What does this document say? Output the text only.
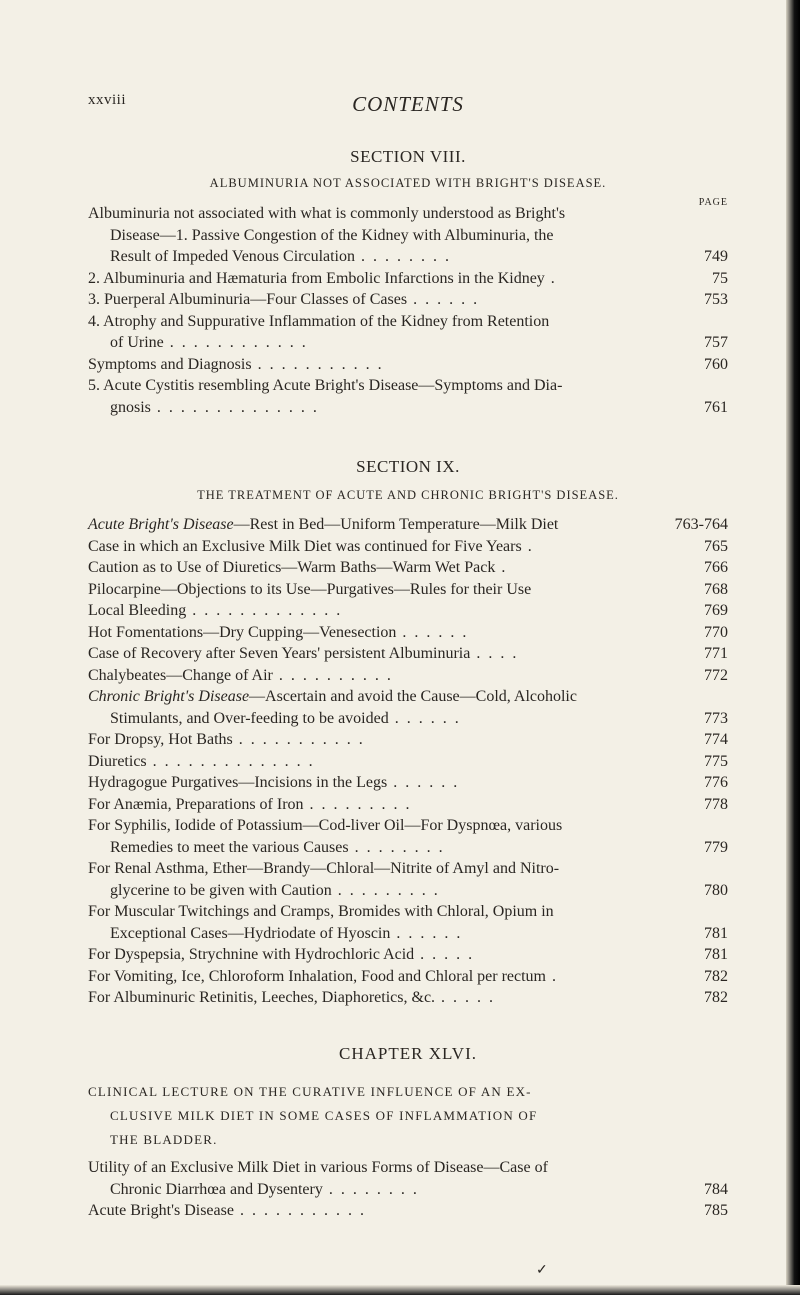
xxviii	CONTENTS
SECTION VIII.
ALBUMINURIA NOT ASSOCIATED WITH BRIGHT'S DISEASE.
PAGE

Albuminuria not associated with what is commonly understood as Bright's
Disease—1. Passive Congestion of the Kidney with Albuminuria, the
Result of Impeded Venous Circulation . . . . . . . .	749

2. Albuminuria and Hæmaturia from Embolic Infarctions in the Kidney .	75

3. Puerperal Albuminuria—Four Classes of Cases . . . . . .	753

4. Atrophy and Suppurative Inflammation of the Kidney from Retention
of Urine . . . . . . . . . . . .	757

Symptoms and Diagnosis . . . . . . . . . . .	760

5. Acute Cystitis resembling Acute Bright's Disease—Symptoms and Dia-
gnosis . . . . . . . . . . . . . .	761

SECTION IX.
THE TREATMENT OF ACUTE AND CHRONIC BRIGHT'S DISEASE.

Acute Bright's Disease—Rest in Bed—Uniform Temperature—Milk Diet	763-764

Case in which an Exclusive Milk Diet was continued for Five Years .	765

Caution as to Use of Diuretics—Warm Baths—Warm Wet Pack .	766

Pilocarpine—Objections to its Use—Purgatives—Rules for their Use	768

Local Bleeding . . . . . . . . . . . . .	769

Hot Fomentations—Dry Cupping—Venesection . . . . . .	770

Case of Recovery after Seven Years' persistent Albuminuria . . . .	771

Chalybeates—Change of Air . . . . . . . . . .	772

Chronic Bright's Disease—Ascertain and avoid the Cause—Cold, Alcoholic
Stimulants, and Over-feeding to be avoided . . . . . .	773

For Dropsy, Hot Baths . . . . . . . . . . .	774

Diuretics . . . . . . . . . . . . . .	775

Hydragogue Purgatives—Incisions in the Legs . . . . . .	776

For Anæmia, Preparations of Iron . . . . . . . . .	778

For Syphilis, Iodide of Potassium—Cod-liver Oil—For Dyspnœa, various
Remedies to meet the various Causes . . . . . . . .	779

For Renal Asthma, Ether—Brandy—Chloral—Nitrite of Amyl and Nitro-
glycerine to be given with Caution . . . . . . . . .	780

For Muscular Twitchings and Cramps, Bromides with Chloral, Opium in
Exceptional Cases—Hydriodate of Hyoscin . . . . . .	781

For Dyspepsia, Strychnine with Hydrochloric Acid . . . . .	781

For Vomiting, Ice, Chloroform Inhalation, Food and Chloral per rectum .	782

For Albuminuric Retinitis, Leeches, Diaphoretics, &c. . . . . .	782

CHAPTER XLVI.
CLINICAL LECTURE ON THE CURATIVE INFLUENCE OF AN EX-
CLUSIVE MILK DIET IN SOME CASES OF INFLAMMATION OF
THE BLADDER.

Utility of an Exclusive Milk Diet in various Forms of Disease—Case of
Chronic Diarrhœa and Dysentery . . . . . . . .	784

Acute Bright's Disease . . . . . . . . . . .	785

✓
